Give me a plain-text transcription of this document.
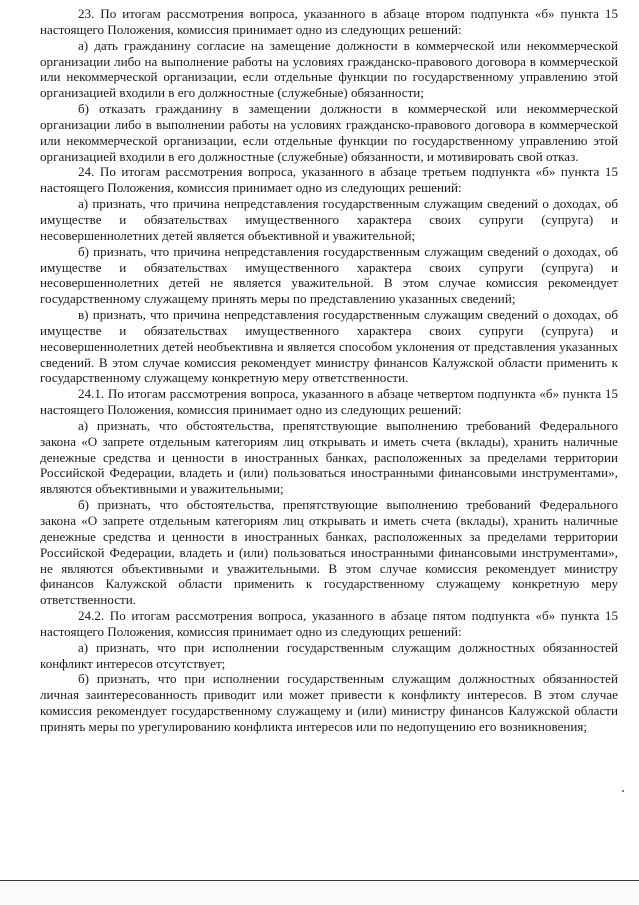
23. По итогам рассмотрения вопроса, указанного в абзаце втором подпункта «б» пункта 15 настоящего Положения, комиссия принимает одно из следующих решений:

а) дать гражданину согласие на замещение должности в коммерческой или некоммерческой организации либо на выполнение работы на условиях гражданско-правового договора в коммерческой или некоммерческой организации, если отдельные функции по государственному управлению этой организацией входили в его должностные (служебные) обязанности;

б) отказать гражданину в замещении должности в коммерческой или некоммерческой организации либо в выполнении работы на условиях гражданско-правового договора в коммерческой или некоммерческой организации, если отдельные функции по государственному управлению этой организацией входили в его должностные (служебные) обязанности, и мотивировать свой отказ.

24. По итогам рассмотрения вопроса, указанного в абзаце третьем подпункта «б» пункта 15 настоящего Положения, комиссия принимает одно из следующих решений:

а) признать, что причина непредставления государственным служащим сведений о доходах, об имуществе и обязательствах имущественного характера своих супруги (супруга) и несовершеннолетних детей является объективной и уважительной;

б) признать, что причина непредставления государственным служащим сведений о доходах, об имуществе и обязательствах имущественного характера своих супруги (супруга) и несовершеннолетних детей не является уважительной. В этом случае комиссия рекомендует государственному служащему принять меры по представлению указанных сведений;

в) признать, что причина непредставления государственным служащим сведений о доходах, об имуществе и обязательствах имущественного характера своих супруги (супруга) и несовершеннолетних детей необъективна и является способом уклонения от представления указанных сведений. В этом случае комиссия рекомендует министру финансов Калужской области применить к государственному служащему конкретную меру ответственности.

24.1. По итогам рассмотрения вопроса, указанного в абзаце четвертом подпункта «б» пункта 15 настоящего Положения, комиссия принимает одно из следующих решений:

а) признать, что обстоятельства, препятствующие выполнению требований Федерального закона «О запрете отдельным категориям лиц открывать и иметь счета (вклады), хранить наличные денежные средства и ценности в иностранных банках, расположенных за пределами территории Российской Федерации, владеть и (или) пользоваться иностранными финансовыми инструментами», являются объективными и уважительными;

б) признать, что обстоятельства, препятствующие выполнению требований Федерального закона «О запрете отдельным категориям лиц открывать и иметь счета (вклады), хранить наличные денежные средства и ценности в иностранных банках, расположенных за пределами территории Российской Федерации, владеть и (или) пользоваться иностранными финансовыми инструментами», не являются объективными и уважительными. В этом случае комиссия рекомендует министру финансов Калужской области применить к государственному служащему конкретную меру ответственности.

24.2. По итогам рассмотрения вопроса, указанного в абзаце пятом подпункта «б» пункта 15 настоящего Положения, комиссия принимает одно из следующих решений:

а) признать, что при исполнении государственным служащим должностных обязанностей конфликт интересов отсутствует;

б) признать, что при исполнении государственным служащим должностных обязанностей личная заинтересованность приводит или может привести к конфликту интересов. В этом случае комиссия рекомендует государственному служащему и (или) министру финансов Калужской области принять меры по урегулированию конфликта интересов или по недопущению его возникновения;
